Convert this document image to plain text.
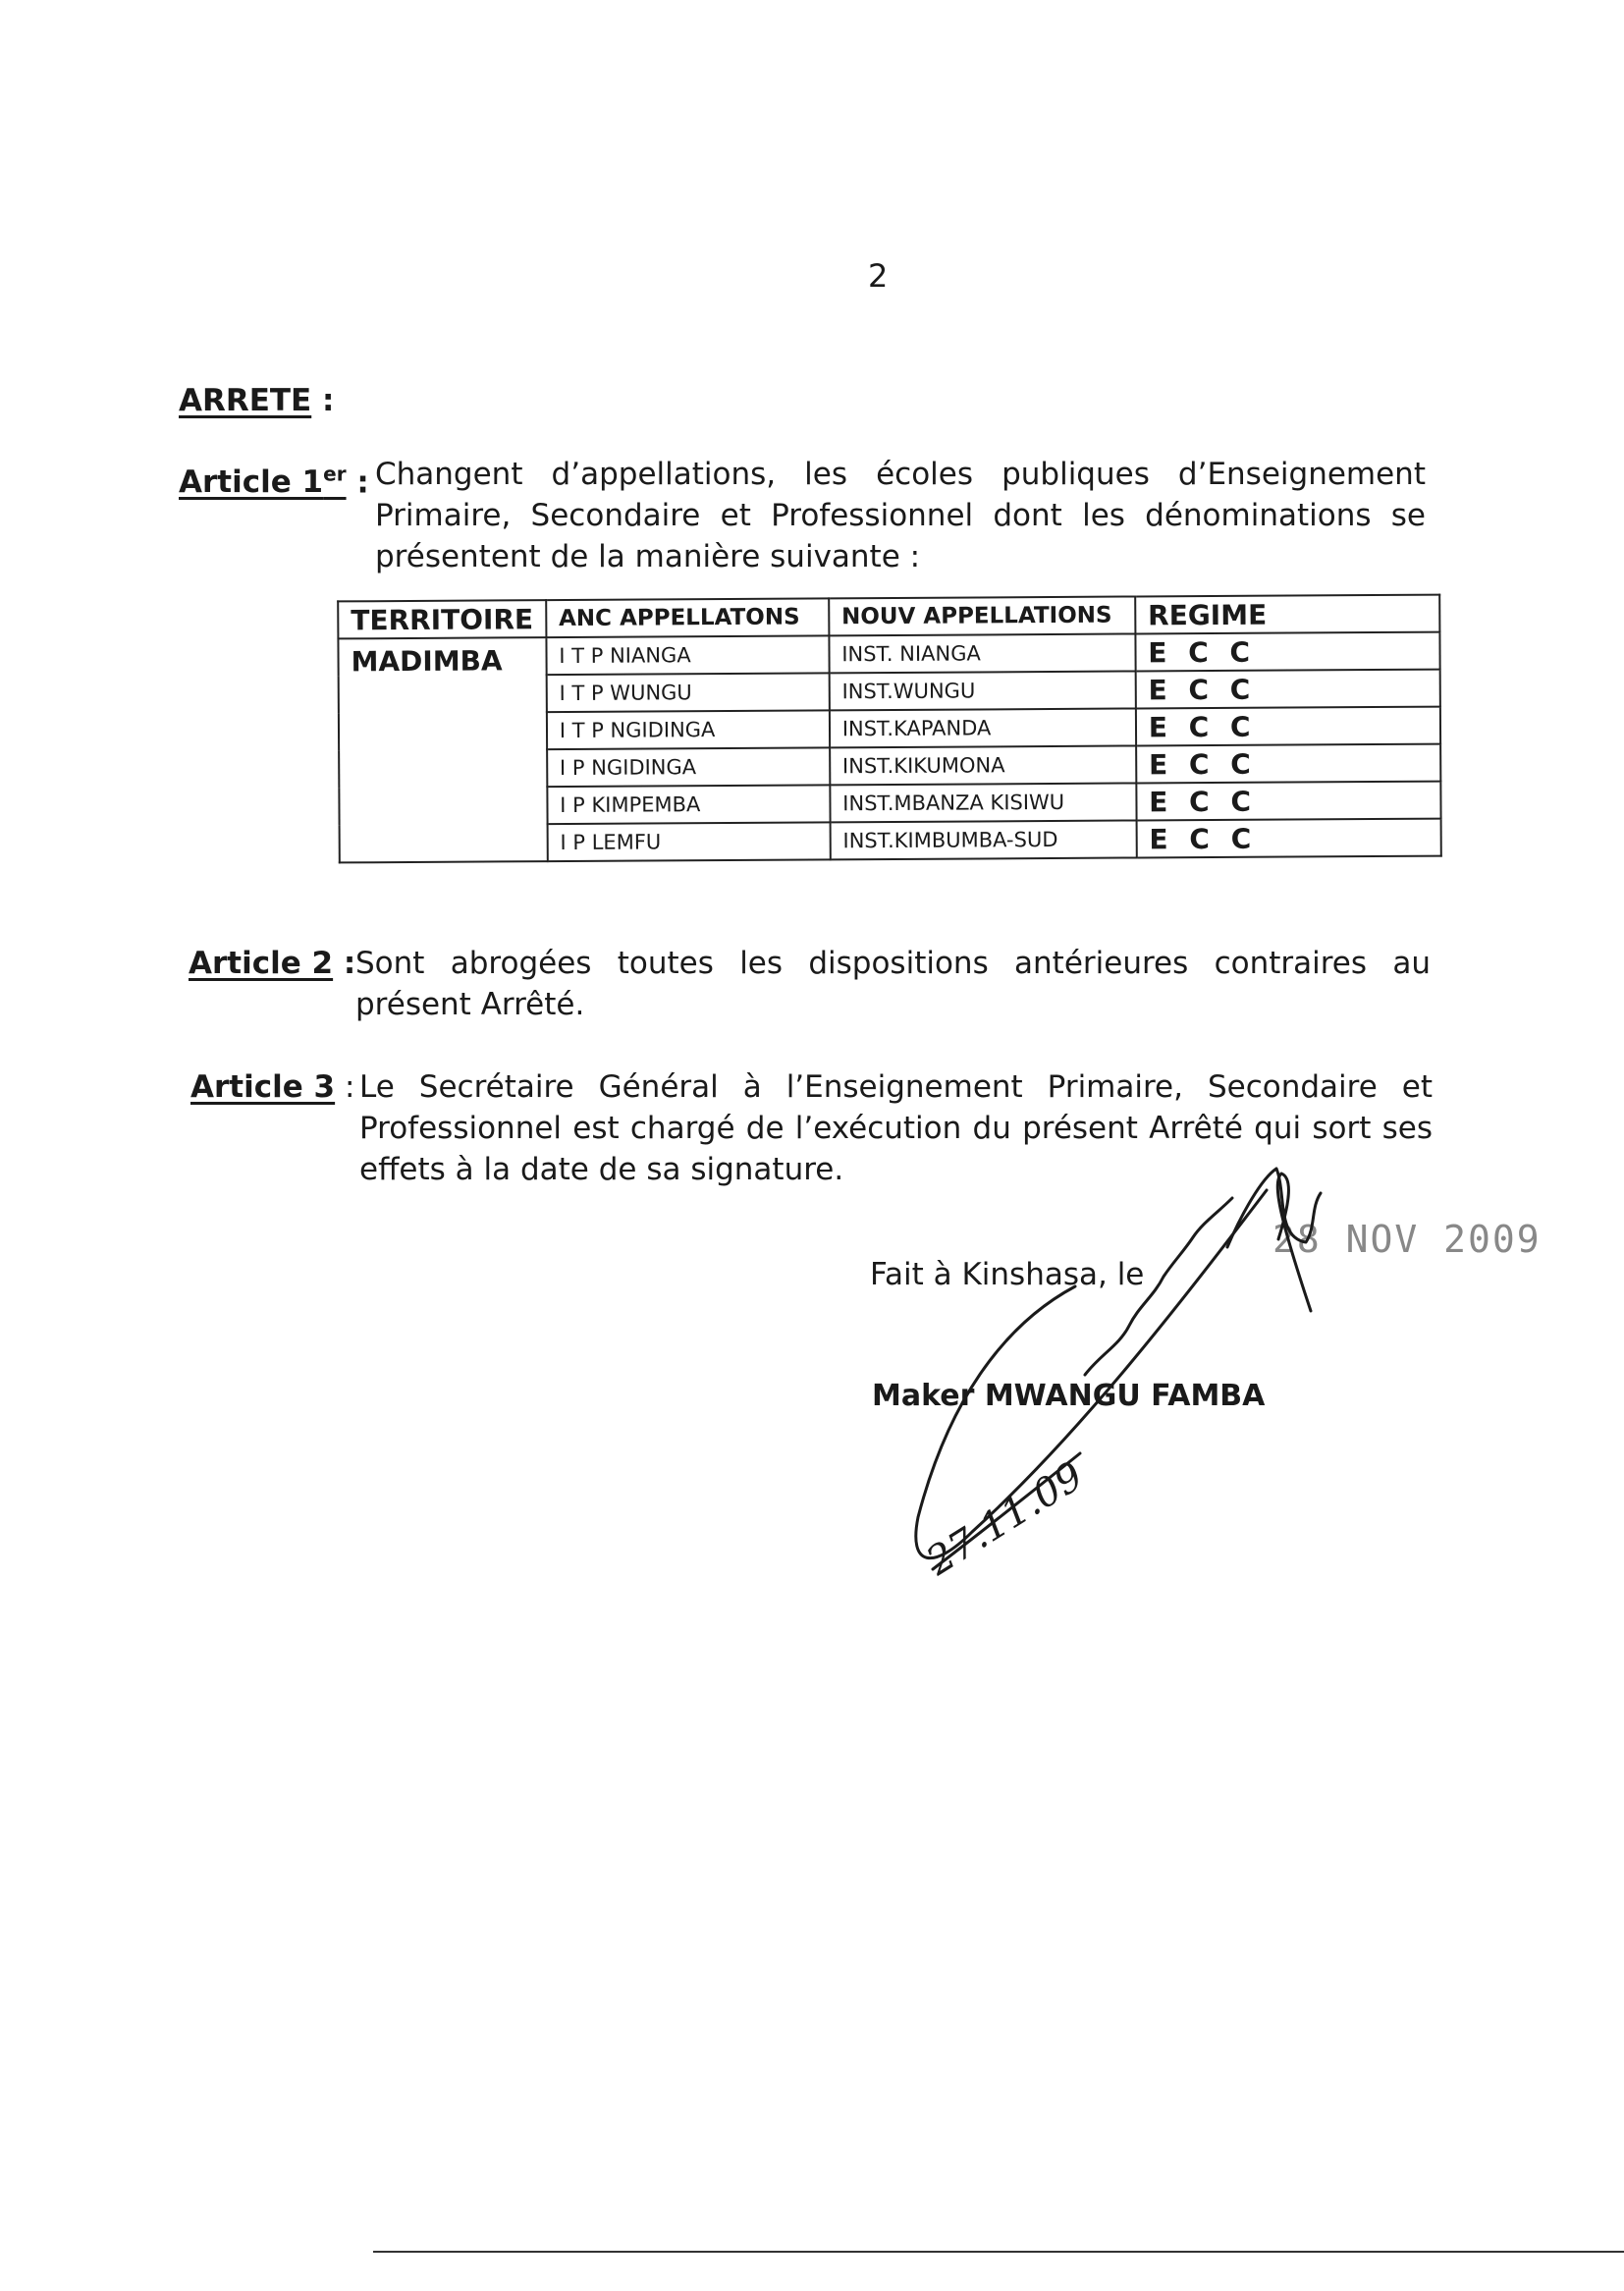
2
ARRETE :
Article 1er : Changent d’appellations, les écoles publiques d’Enseignement Primaire, Secondaire et Professionnel dont les dénominations se présentent de la manière suivante :
TERRITOIRE	ANC APPELLATONS	NOUV APPELLATIONS	REGIME
MADIMBA	I T P NIANGA	INST. NIANGA	E C C
	I T P WUNGU	INST.WUNGU	E C C
	I T P NGIDINGA	INST.KAPANDA	E C C
	I P NGIDINGA	INST.KIKUMONA	E C C
	I P KIMPEMBA	INST.MBANZA KISIWU	E C C
	I P LEMFU	INST.KIMBUMBA-SUD	E C C
Article 2 : Sont abrogées toutes les dispositions antérieures contraires au présent Arrêté.
Article 3 : Le Secrétaire Général à l’Enseignement Primaire, Secondaire et Professionnel est chargé de l’exécution du présent Arrêté qui sort ses effets à la date de sa signature.
Fait à Kinshasa, le
28 NOV 2009
Maker MWANGU FAMBA
27.11.09
